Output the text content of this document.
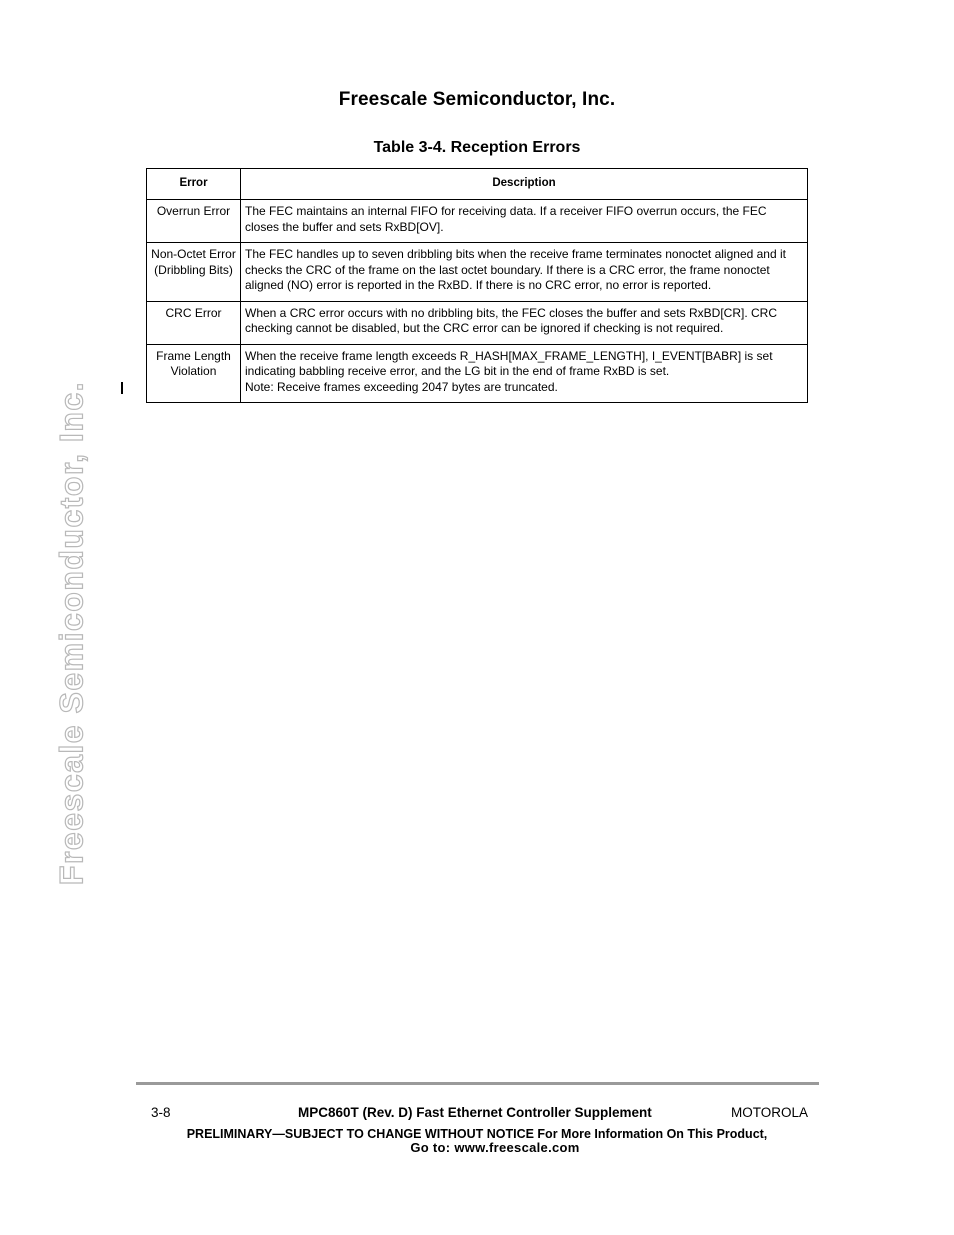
Freescale Semiconductor, Inc.
Table 3-4. Reception Errors
Error	Description
Overrun Error	The FEC maintains an internal FIFO for receiving data. If a receiver FIFO overrun occurs, the FEC closes the buffer and sets RxBD[OV].
Non-Octet Error (Dribbling Bits)	The FEC handles up to seven dribbling bits when the receive frame terminates nonoctet aligned and it checks the CRC of the frame on the last octet boundary. If there is a CRC error, the frame nonoctet aligned (NO) error is reported in the RxBD. If there is no CRC error, no error is reported.
CRC Error	When a CRC error occurs with no dribbling bits, the FEC closes the buffer and sets RxBD[CR]. CRC checking cannot be disabled, but the CRC error can be ignored if checking is not required.
Frame Length Violation	When the receive frame length exceeds R_HASH[MAX_FRAME_LENGTH], I_EVENT[BABR] is set indicating babbling receive error, and the LG bit in the end of frame RxBD is set.
Note: Receive frames exceeding 2047 bytes are truncated.
Freescale Semiconductor, Inc.
3-8	MPC860T (Rev. D) Fast Ethernet Controller Supplement	MOTOROLA
PRELIMINARY—SUBJECT TO CHANGE WITHOUT NOTICE For More Information On This Product,
Go to: www.freescale.com
